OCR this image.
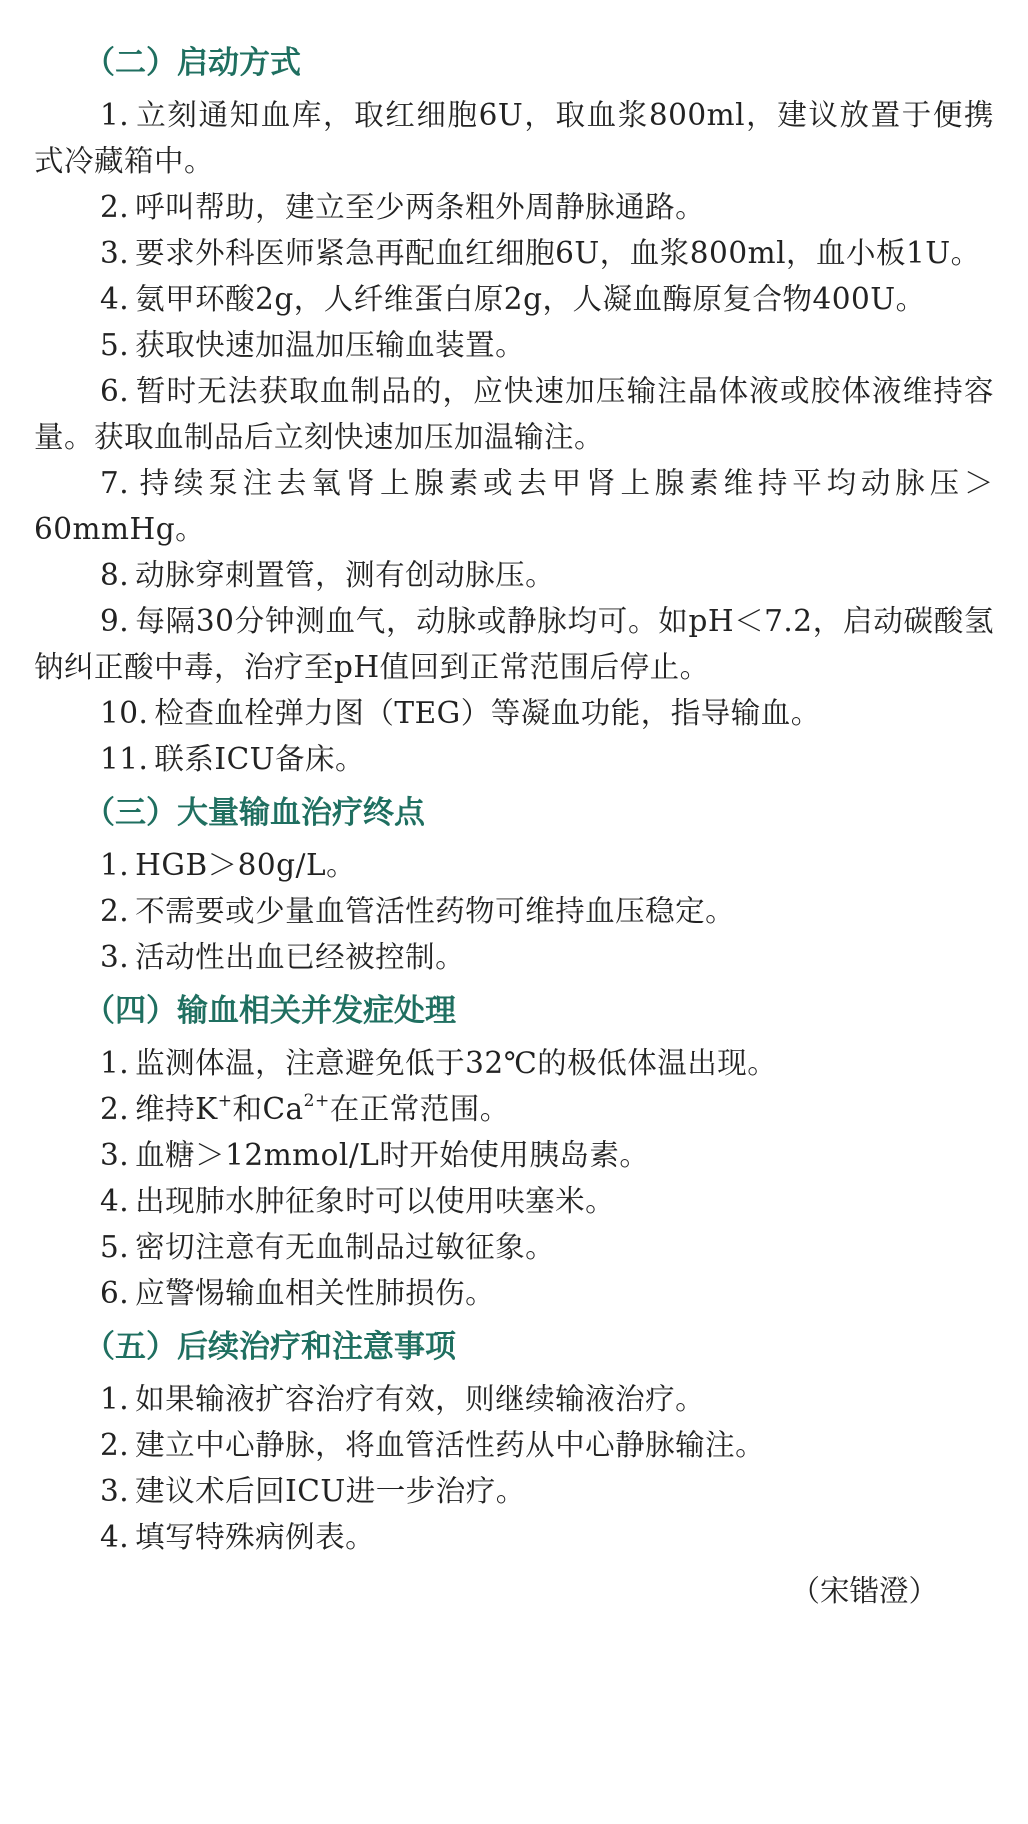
（二）启动方式

1. 立刻通知血库，取红细胞6U，取血浆800ml，建议放置于便携式冷藏箱中。

2. 呼叫帮助，建立至少两条粗外周静脉通路。

3. 要求外科医师紧急再配血红细胞6U，血浆800ml，血小板1U。

4. 氨甲环酸2g，人纤维蛋白原2g，人凝血酶原复合物400U。

5. 获取快速加温加压输血装置。

6. 暂时无法获取血制品的，应快速加压输注晶体液或胶体液维持容量。获取血制品后立刻快速加压加温输注。

7. 持续泵注去氧肾上腺素或去甲肾上腺素维持平均动脉压＞60mmHg。

8. 动脉穿刺置管，测有创动脉压。

9. 每隔30分钟测血气，动脉或静脉均可。如pH＜7.2，启动碳酸氢钠纠正酸中毒，治疗至pH值回到正常范围后停止。

10. 检查血栓弹力图（TEG）等凝血功能，指导输血。

11. 联系ICU备床。

（三）大量输血治疗终点

1. HGB＞80g/L。

2. 不需要或少量血管活性药物可维持血压稳定。

3. 活动性出血已经被控制。

（四）输血相关并发症处理

1. 监测体温，注意避免低于32℃的极低体温出现。

2. 维持K+和$Ca^{2+}$在正常范围。

3. 血糖＞12mmol/L时开始使用胰岛素。

4. 出现肺水肿征象时可以使用呋塞米。

5. 密切注意有无血制品过敏征象。

6. 应警惕输血相关性肺损伤。

（五）后续治疗和注意事项

1. 如果输液扩容治疗有效，则继续输液治疗。

2. 建立中心静脉，将血管活性药从中心静脉输注。

3. 建议术后回ICU进一步治疗。

4. 填写特殊病例表。

（宋锴澄）
